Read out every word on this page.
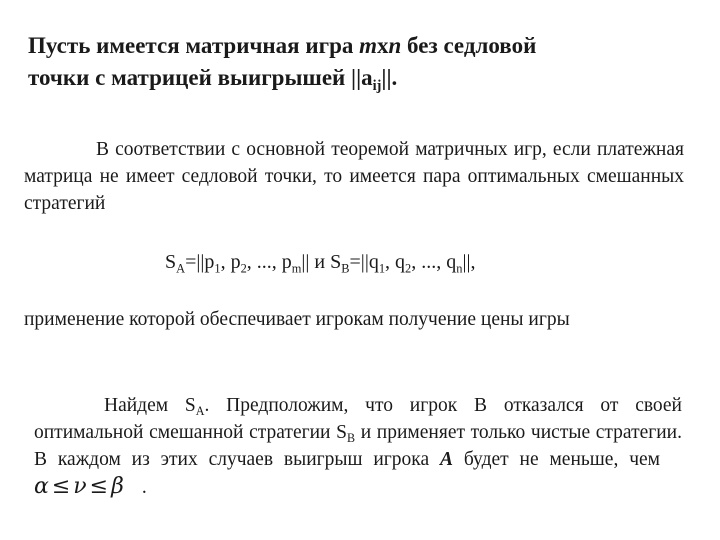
Пусть имеется матричная игра mxn без седловой
точки с матрицей выигрышей $||a_{ij}||$.

В соответствии с основной теоремой матричных игр, если платежная матрица не имеет седловой точки, то имеется пара оптимальных смешанных стратегий

$S_A=||p_1$, $p_2$, ..., $p_m||$ и $S_B=||q_1$, $q_2$, ..., $q_n||$,

применение которой обеспечивает игрокам получение цены игры

Найдем $S_A$. Предположим, что игрок В отказался от своей оптимальной смешанной стратегии $S_B$ и применяет только чистые стратегии. В каждом из этих случаев выигрыш игрока А будет не меньше, чемα ≤ ν ≤ β .
